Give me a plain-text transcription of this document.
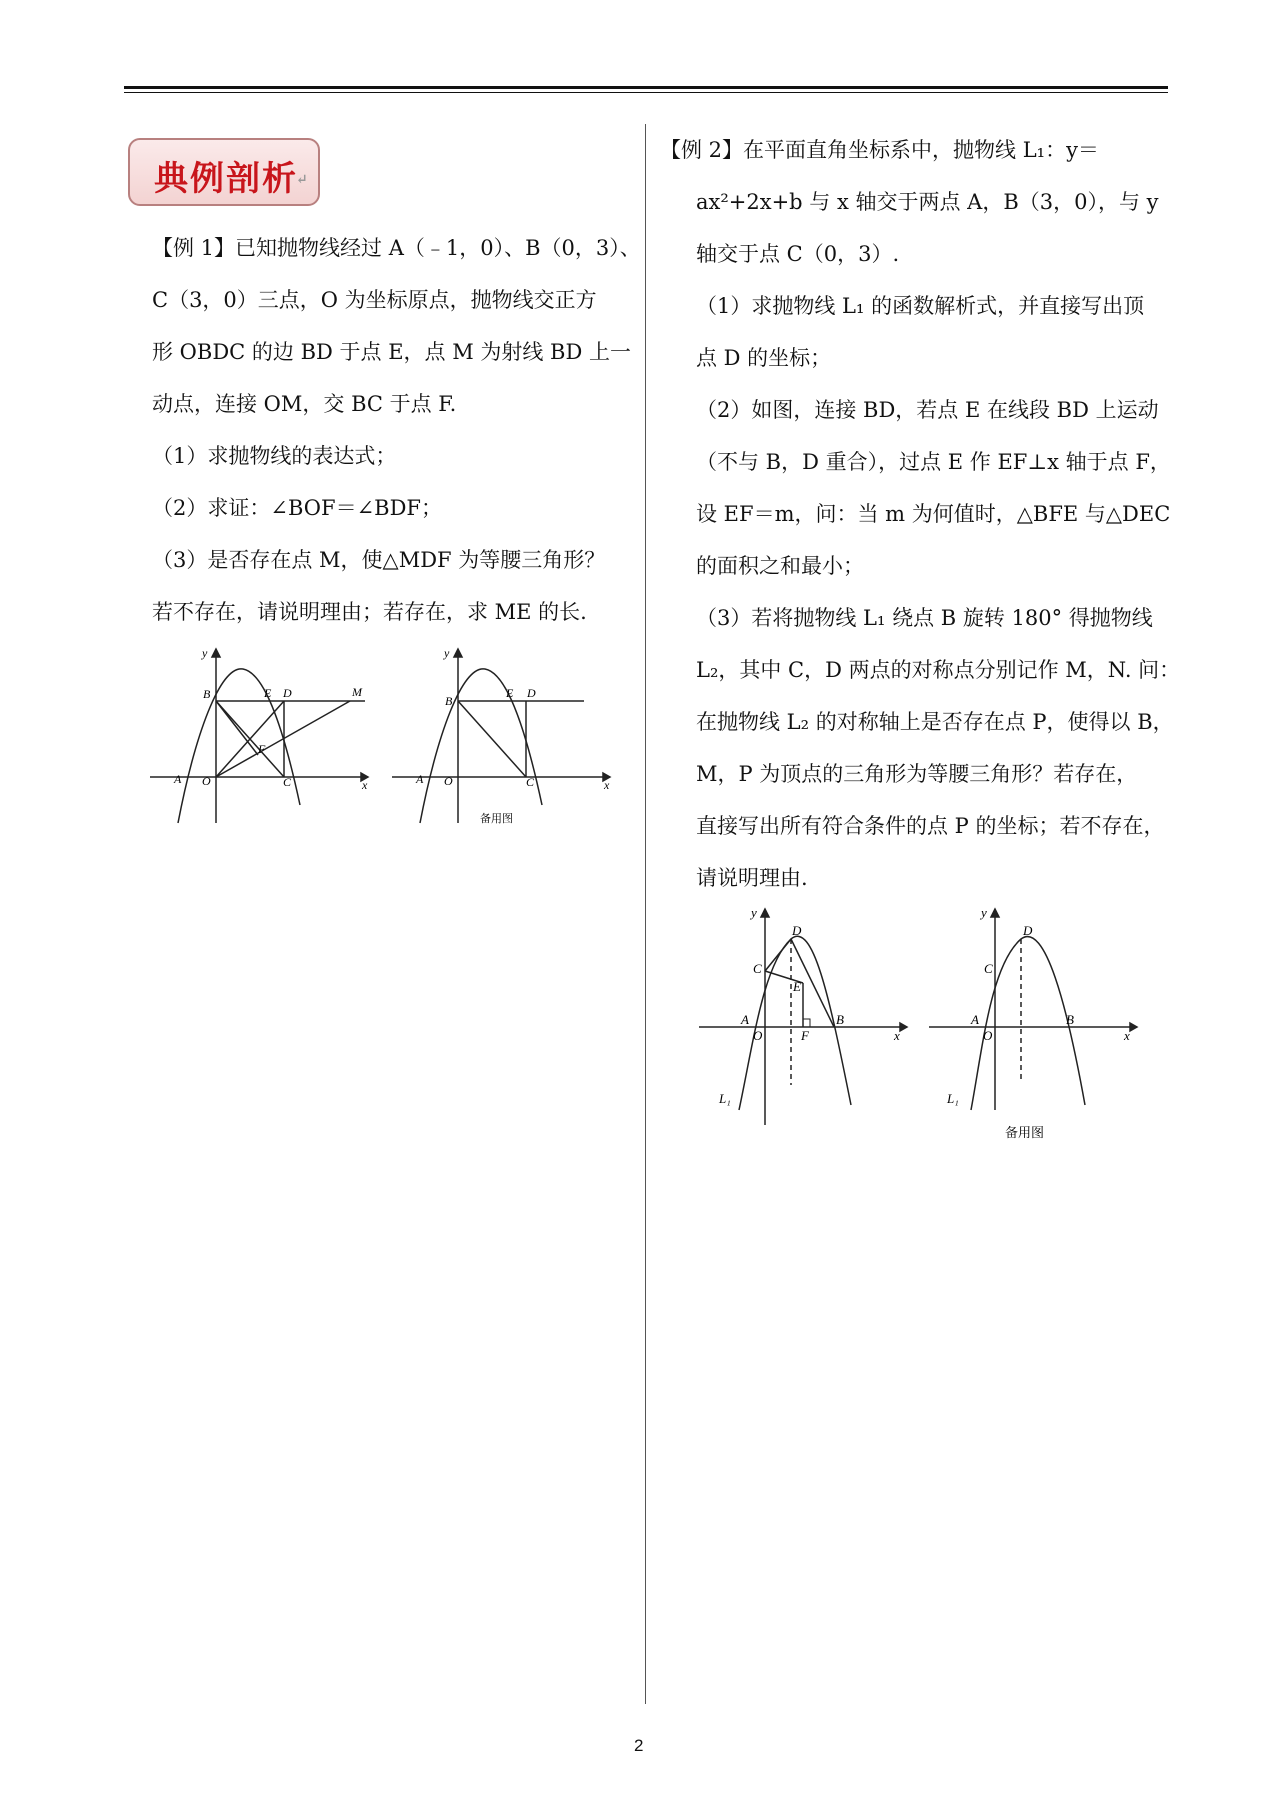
典例剖析
↵

【例 1】已知抛物线经过 A（﹣1，0）、B（0，3）、

C（3，0）三点，O 为坐标原点，抛物线交正方

形 OBDC 的边 BD 于点 E，点 M 为射线 BD 上一

动点，连接 OM，交 BC 于点 F.

（1）求抛物线的表达式；

（2）求证：∠BOF＝∠BDF；

（3）是否存在点 M，使△MDF 为等腰三角形？

若不存在，请说明理由；若存在，求 ME 的长.

y
B	E D	M
F
A O	C	x
y
B
E D
A O	C	x
备用图

【例 2】在平面直角坐标系中，抛物线 L₁：y＝

ax²+2x+b 与 x 轴交于两点 A，B（3，0），与 y

轴交于点 C（0，3）.

（1）求抛物线 L₁ 的函数解析式，并直接写出顶

点 D 的坐标；

（2）如图，连接 BD，若点 E 在线段 BD 上运动

（不与 B，D 重合），过点 E 作 EF⊥x 轴于点 F，

设 EF＝m，问：当 m 为何值时，△BFE 与△DEC

的面积之和最小；

（3）若将抛物线 L₁ 绕点 B 旋转 180° 得抛物线

L₂，其中 C，D 两点的对称点分别记作 M，N. 问：

在抛物线 L₂ 的对称轴上是否存在点 P，使得以 B，

M，P 为顶点的三角形为等腰三角形？若存在，

直接写出所有符合条件的点 P 的坐标；若不存在，

请说明理由.

y
D
C
E
A
O	F
B
x
L₁
y
D
C
A
O
B
x
L₁
备用图
2
